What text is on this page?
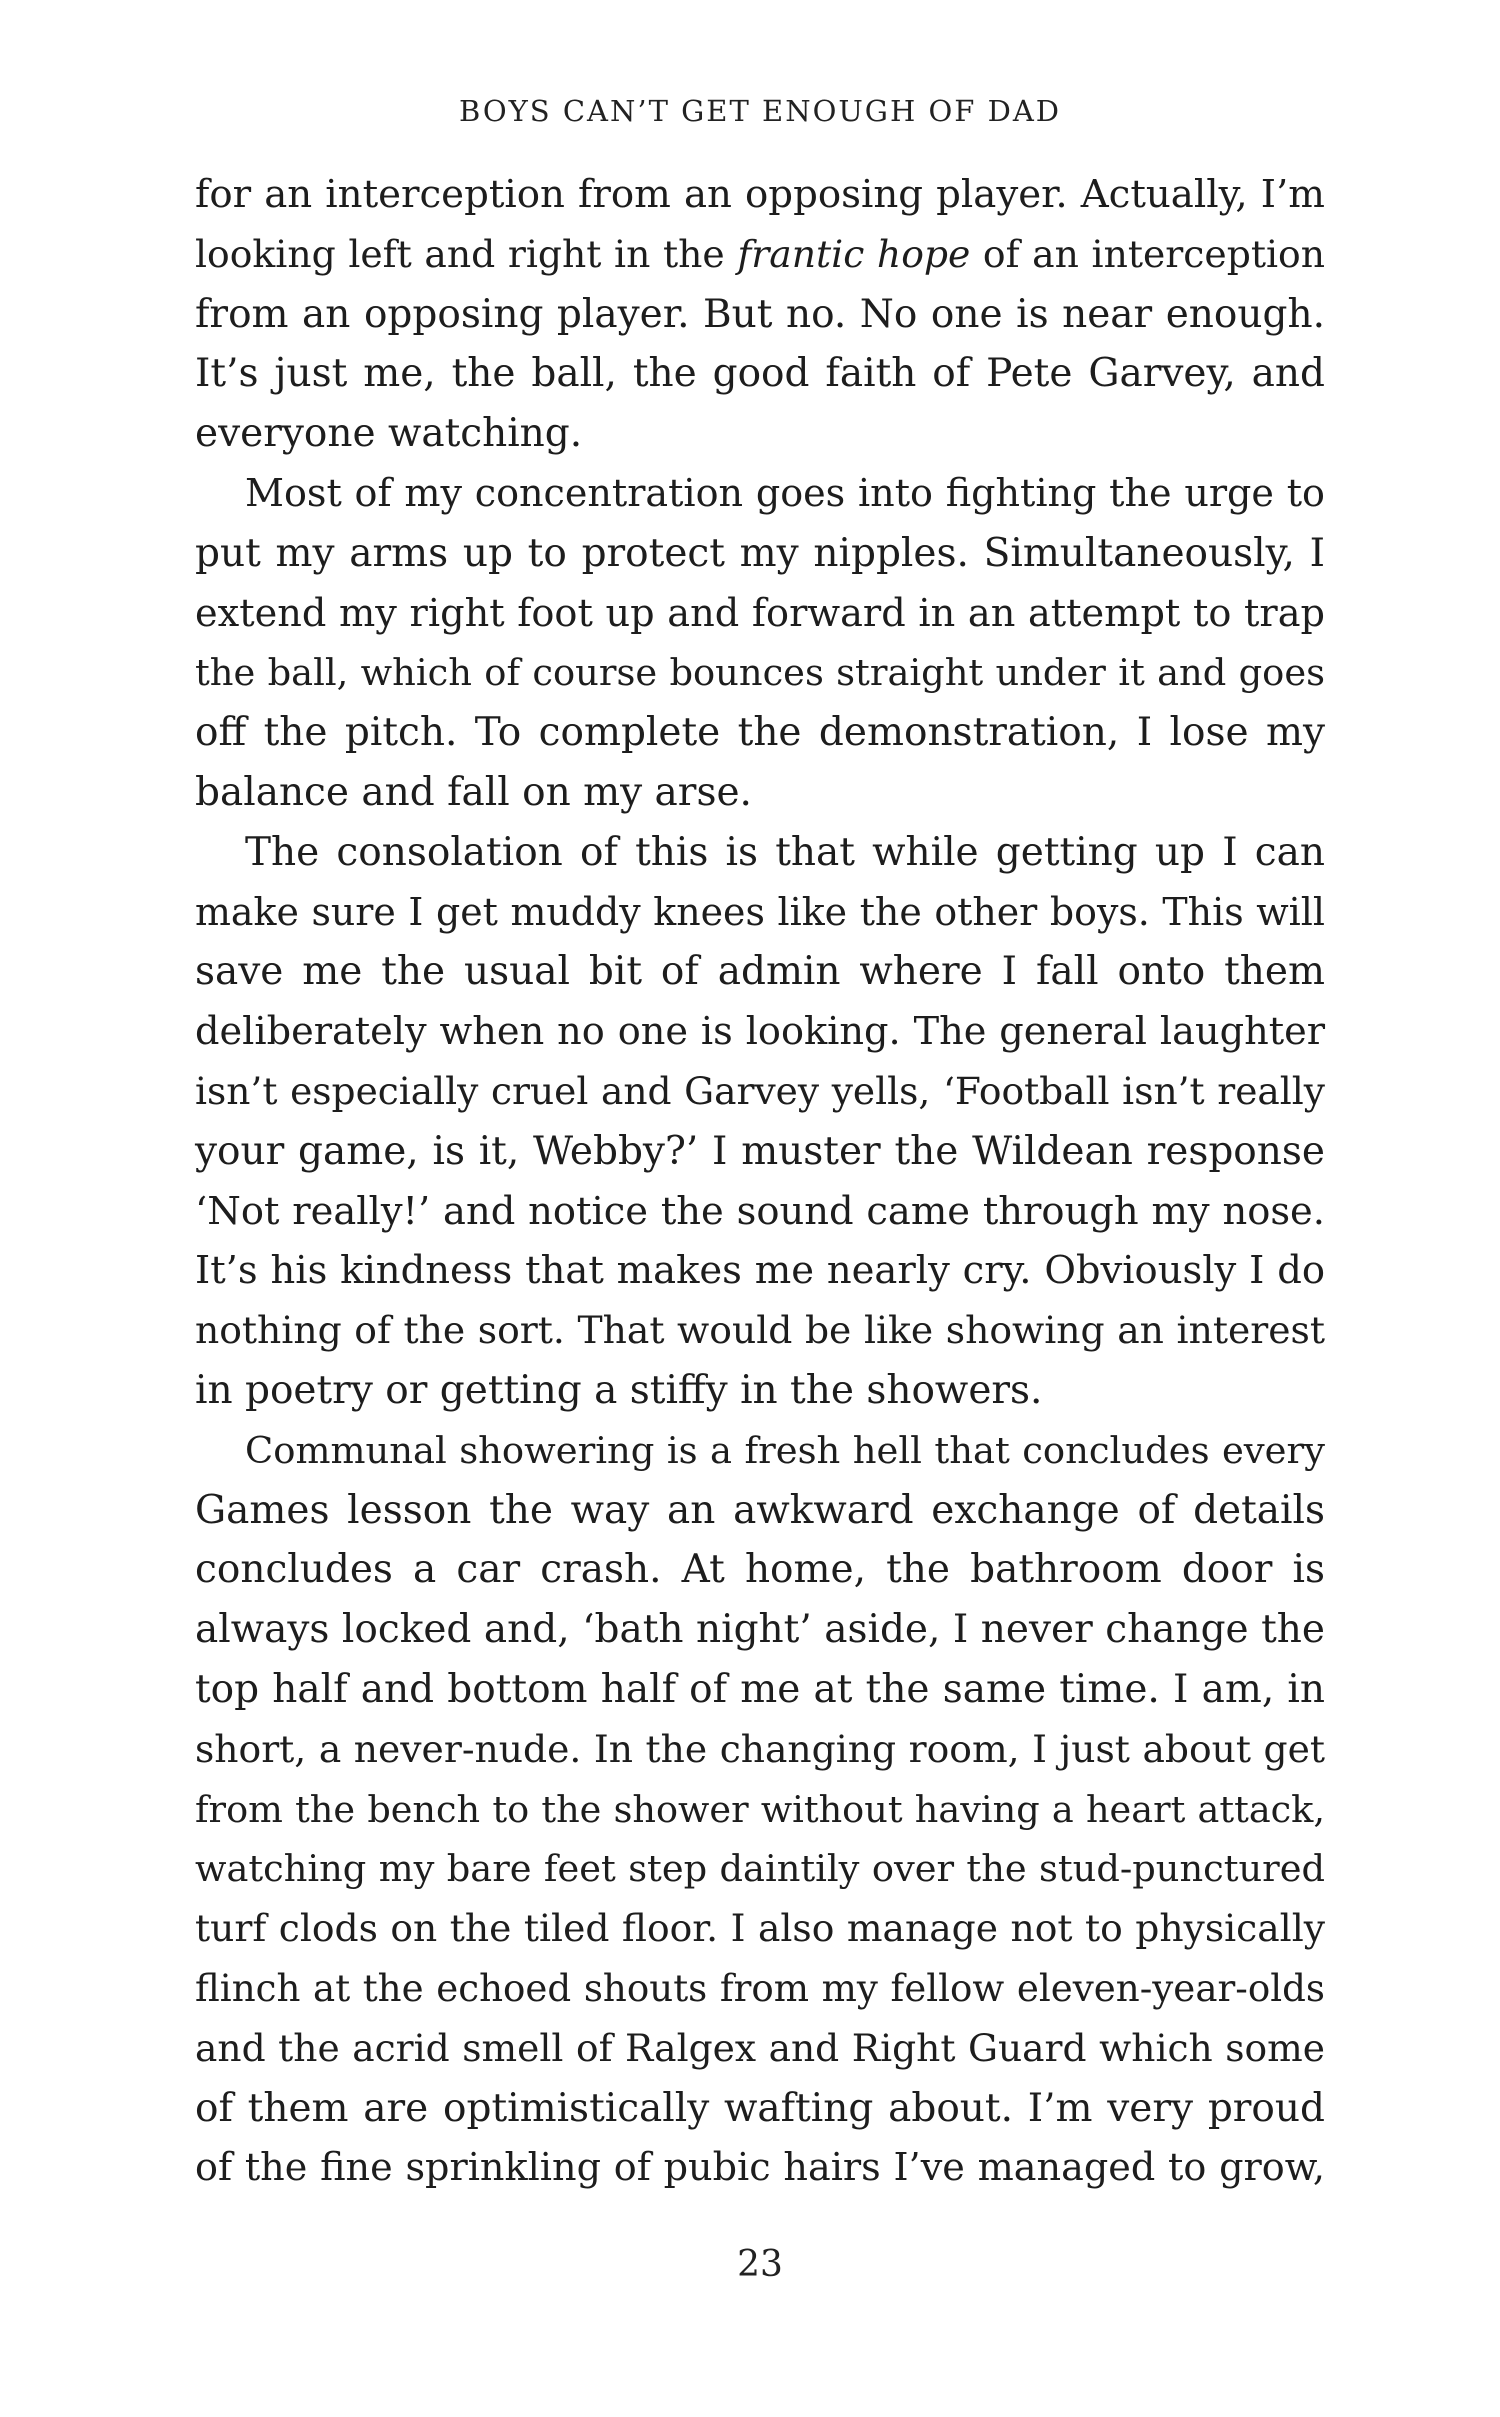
BOYS CAN’T GET ENOUGH OF DAD
for an interception from an opposing player. Actually, I’m
looking left and right in the frantic hope of an interception
from an opposing player. But no. No one is near enough.
It’s just me, the ball, the good faith of Pete Garvey, and
everyone watching.
Most of my concentration goes into fighting the urge to
put my arms up to protect my nipples. Simultaneously, I
extend my right foot up and forward in an attempt to trap
the ball, which of course bounces straight under it and goes
off the pitch. To complete the demonstration, I lose my
balance and fall on my arse.
The consolation of this is that while getting up I can
make sure I get muddy knees like the other boys. This will
save me the usual bit of admin where I fall onto them
deliberately when no one is looking. The general laughter
isn’t especially cruel and Garvey yells, ‘Football isn’t really
your game, is it, Webby?’ I muster the Wildean response
‘Not really!’ and notice the sound came through my nose.
It’s his kindness that makes me nearly cry. Obviously I do
nothing of the sort. That would be like showing an interest
in poetry or getting a stiffy in the showers.
Communal showering is a fresh hell that concludes every
Games lesson the way an awkward exchange of details
concludes a car crash. At home, the bathroom door is
always locked and, ‘bath night’ aside, I never change the
top half and bottom half of me at the same time. I am, in
short, a never-nude. In the changing room, I just about get
from the bench to the shower without having a heart attack,
watching my bare feet step daintily over the stud-punctured
turf clods on the tiled floor. I also manage not to physically
flinch at the echoed shouts from my fellow eleven-year-olds
and the acrid smell of Ralgex and Right Guard which some
of them are optimistically wafting about. I’m very proud
of the fine sprinkling of pubic hairs I’ve managed to grow,
23
